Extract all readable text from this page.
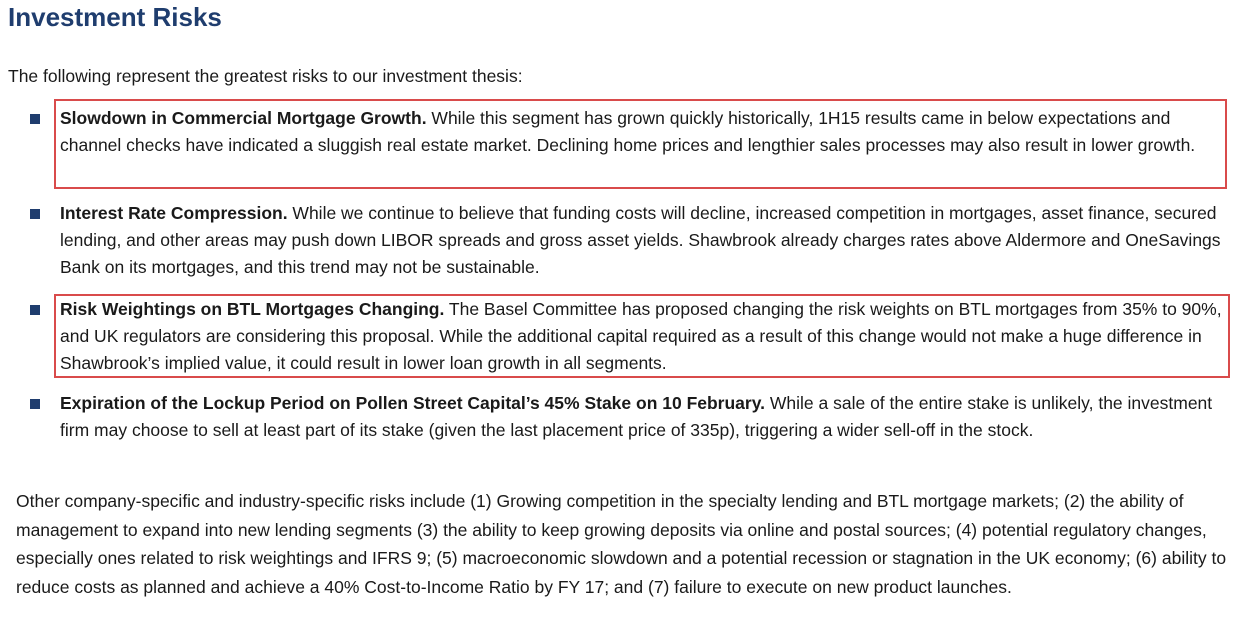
Investment Risks

The following represent the greatest risks to our investment thesis:

Slowdown in Commercial Mortgage Growth. While this segment has grown quickly historically, 1H15 results came in below expectations and channel checks have indicated a sluggish real estate market. Declining home prices and lengthier sales processes may also result in lower growth.
Interest Rate Compression. While we continue to believe that funding costs will decline, increased competition in mortgages, asset finance, secured lending, and other areas may push down LIBOR spreads and gross asset yields. Shawbrook already charges rates above Aldermore and OneSavings Bank on its mortgages, and this trend may not be sustainable.
Risk Weightings on BTL Mortgages Changing. The Basel Committee has proposed changing the risk weights on BTL mortgages from 35% to 90%, and UK regulators are considering this proposal. While the additional capital required as a result of this change would not make a huge difference in Shawbrook’s implied value, it could result in lower loan growth in all segments.
Expiration of the Lockup Period on Pollen Street Capital’s 45% Stake on 10 February. While a sale of the entire stake is unlikely, the investment firm may choose to sell at least part of its stake (given the last placement price of 335p), triggering a wider sell-off in the stock.

Other company-specific and industry-specific risks include (1) Growing competition in the specialty lending and BTL mortgage markets; (2) the ability of management to expand into new lending segments (3) the ability to keep growing deposits via online and postal sources; (4) potential regulatory changes, especially ones related to risk weightings and IFRS 9; (5) macroeconomic slowdown and a potential recession or stagnation in the UK economy; (6) ability to reduce costs as planned and achieve a 40% Cost-to-Income Ratio by FY 17; and (7) failure to execute on new product launches.
